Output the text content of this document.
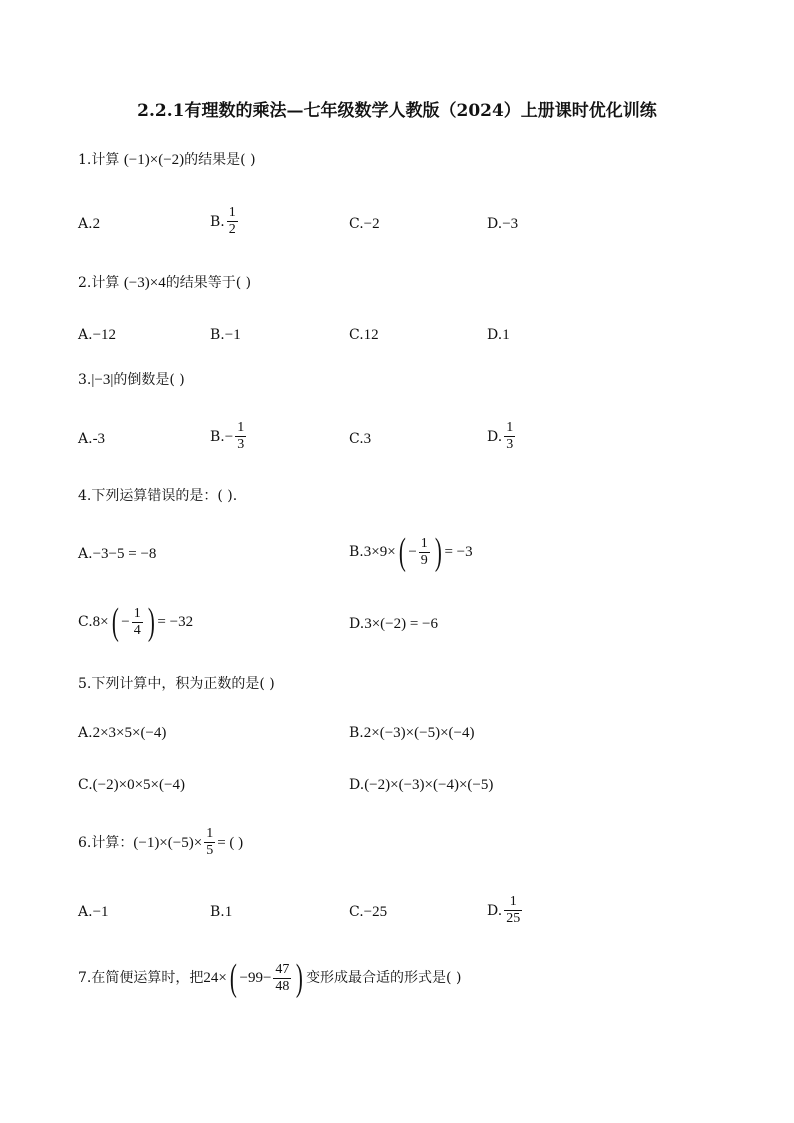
2.2.1有理数的乘法—七年级数学人教版（2024）上册课时优化训练
1.计算 (−1)×(−2)的结果是( )
A. 2	B. $\frac{1}{2}$	C. −2	D. −3
2.计算 (−3)×4的结果等于( )
A. −12	B. −1	C. 12	D. 1
3.|−3|的倒数是( )
A. -3	B. − $\frac{1}{3}$	C. 3	D. $\frac{1}{3}$
4.下列运算错误的是：( ).
A. −3−5 = −8	B. 3×9× ( − $\frac{1}{9}$ ) = −3
C. 8× ( − $\frac{1}{4}$ ) = −32	D. 3×(−2) = −6
5.下列计算中，积为正数的是( )
A. 2×3×5×(−4)	B. 2×(−3)×(−5)×(−4)
C. (−2)×0×5×(−4)	D. (−2)×(−3)×(−4)×(−5)
6. 计算： $(-1)\times(-5)\times \frac{1}{5}$ = ( )
A. −1	B. 1	C. −25	D. $\frac{1}{25}$
7. 在简便运算时，把 24× ( $-99- \frac{47}{48}$ ) 变形成最合适的形式是( )
